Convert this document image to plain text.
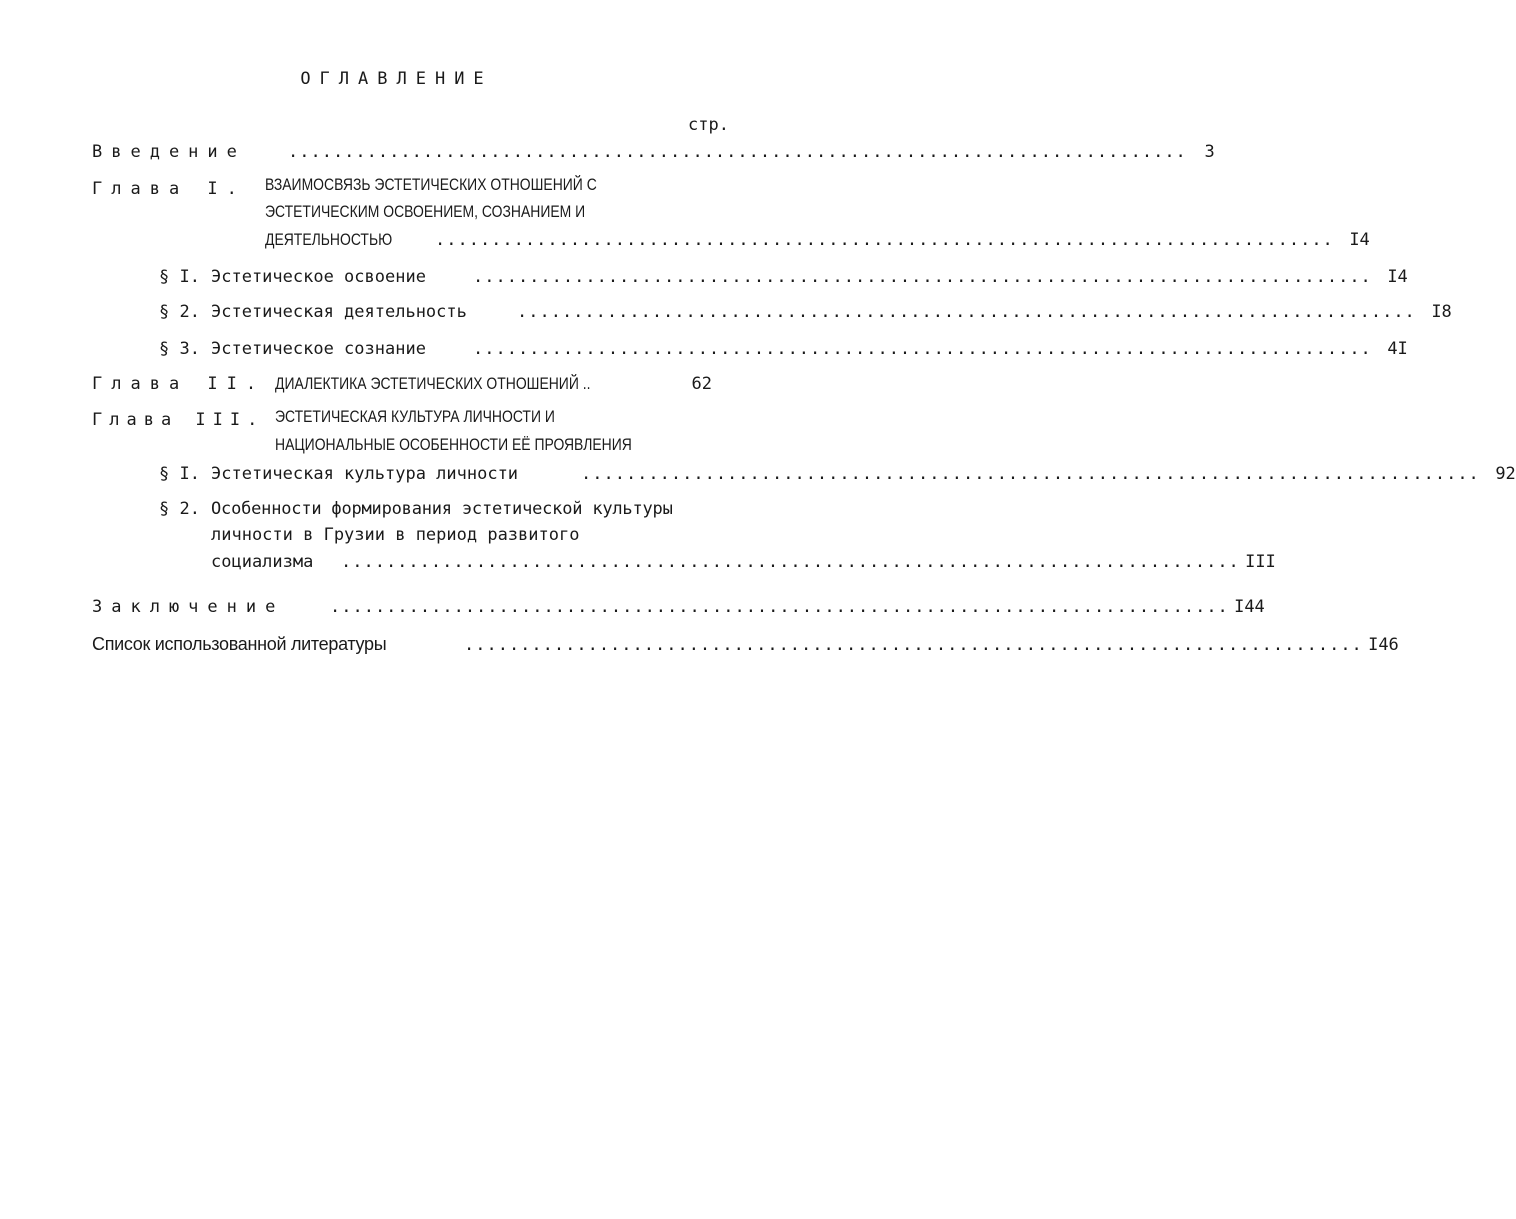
ОГЛАВЛЕНИЕ
стр.
Введение	................................................................................	3
Глава I. ВЗАИМОСВЯЗЬ ЭСТЕТИЧЕСКИХ ОТНОШЕНИЙ С
ЭСТЕТИЧЕСКИМ ОСВОЕНИЕМ, СОЗНАНИЕМ И
ДЕЯТЕЛЬНОСТЬЮ	................................................................................ I4
§ I. Эстетическое освоение	................................................................................ I4
§ 2. Эстетическая деятельность	................................................................................ I8
§ 3. Эстетическое сознание	................................................................................ 4I
Глава II. ДИАЛЕКТИКА ЭСТЕТИЧЕСКИХ ОТНОШЕНИЙ ..	62
Глава III. ЭСТЕТИЧЕСКАЯ КУЛЬТУРА ЛИЧНОСТИ И
НАЦИОНАЛЬНЫЕ ОСОБЕННОСТИ ЕЁ ПРОЯВЛЕНИЯ
§ I. Эстетическая культура личности	................................................................................ 92
§ 2. Особенности формирования эстетической культуры
личности в Грузии в период развитого
социализма	................................................................................ III
Заключение	................................................................................ I44
Список использованной литературы	................................................................................ I46
